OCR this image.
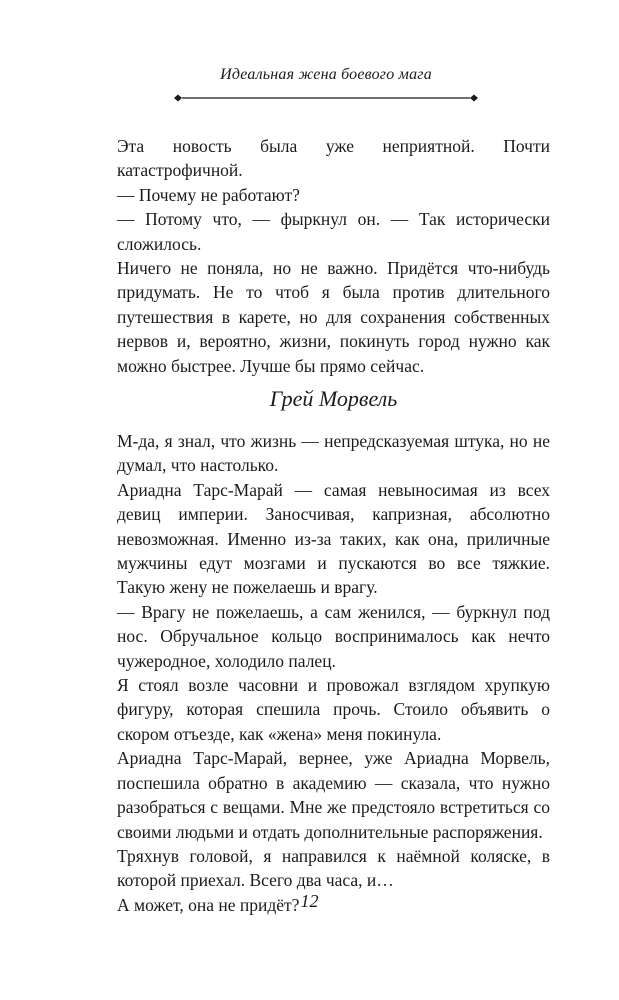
Идеальная жена боевого мага

Эта новость была уже неприятной. Почти катастрофичной.

— Почему не работают?

— Потому что, — фыркнул он. — Так исторически сложилось.

Ничего не поняла, но не важно. Придётся что-нибудь придумать. Не то чтоб я была против длительного путешествия в карете, но для сохранения собственных нервов и, вероятно, жизни, покинуть город нужно как можно быстрее. Лучше бы прямо сейчас.

Грей Морвель

М-да, я знал, что жизнь — непредсказуемая штука, но не думал, что настолько.

Ариадна Тарс-Марай — самая невыносимая из всех девиц империи. Заносчивая, капризная, абсолютно невозможная. Именно из-за таких, как она, приличные мужчины едут мозгами и пускаются во все тяжкие. Такую жену не пожелаешь и врагу.

— Врагу не пожелаешь, а сам женился, — буркнул под нос. Обручальное кольцо воспринималось как нечто чужеродное, холодило палец.

Я стоял возле часовни и провожал взглядом хрупкую фигуру, которая спешила прочь. Стоило объявить о скором отъезде, как «жена» меня покинула.

Ариадна Тарс-Марай, вернее, уже Ариадна Морвель, поспешила обратно в академию — сказала, что нужно разобраться с вещами. Мне же предстояло встретиться со своими людьми и отдать дополнительные распоряжения.

Тряхнув головой, я направился к наёмной коляске, в которой приехал. Всего два часа, и…

А может, она не придёт? 12
